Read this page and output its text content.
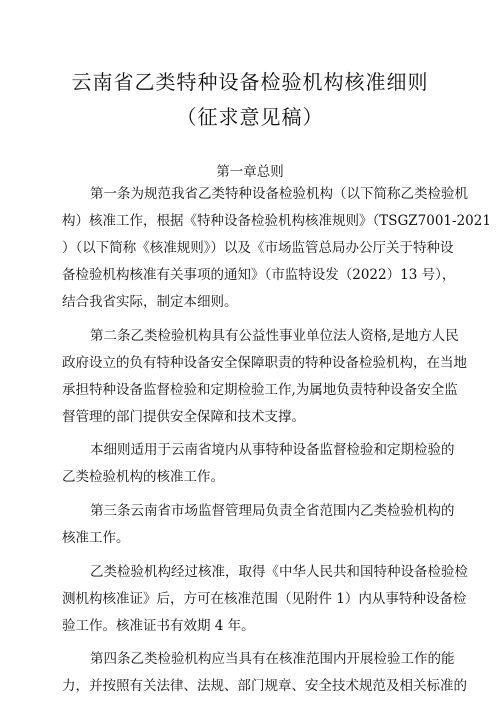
云南省乙类特种设备检验机构核准细则
（征求意见稿）
第一章总则
第一条为规范我省乙类特种设备检验机构（以下简称乙类检验机
构）核准工作，根据《特种设备检验机构核准规则》（TSGZ7001-2021
）（以下简称《核准规则》）以及《市场监管总局办公厅关于特种设
备检验机构核准有关事项的通知》（市监特设发（2022）13 号），
结合我省实际，制定本细则。
第二条乙类检验机构具有公益性事业单位法人资格,是地方人民
政府设立的负有特种设备安全保障职责的特种设备检验机构，在当地
承担特种设备监督检验和定期检验工作,为属地负责特种设备安全监
督管理的部门提供安全保障和技术支撑。
本细则适用于云南省境内从事特种设备监督检验和定期检验的
乙类检验机构的核准工作。
第三条云南省市场监督管理局负责全省范围内乙类检验机构的
核准工作。
乙类检验机构经过核准，取得《中华人民共和国特种设备检验检
测机构核准证》后，方可在核准范围（见附件 1）内从事特种设备检
验工作。核准证书有效期 4 年。
第四条乙类检验机构应当具有在核准范围内开展检验工作的能
力，并按照有关法律、法规、部门规章、安全技术规范及相关标准的
